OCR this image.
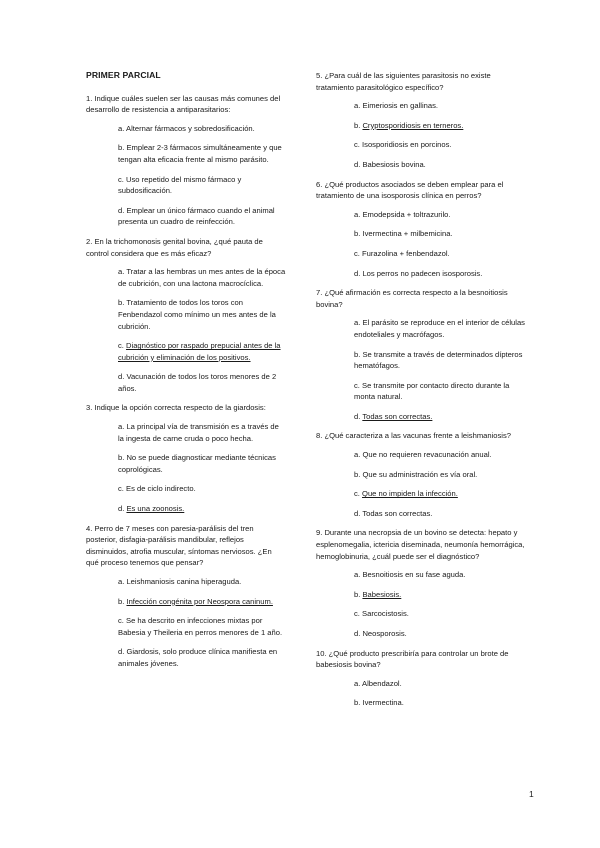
PRIMER PARCIAL
1. Indique cuáles suelen ser las causas más comunes del desarrollo de resistencia a antiparasitarios:
a. Alternar fármacos y sobredosificación.
b. Emplear 2-3 fármacos simultáneamente y que tengan alta eficacia frente al mismo parásito.
c. Uso repetido del mismo fármaco y subdosificación.
d. Emplear un único fármaco cuando el animal presenta un cuadro de reinfección.
2. En la trichomonosis genital bovina, ¿qué pauta de control considera que es más eficaz?
a. Tratar a las hembras un mes antes de la época de cubrición, con una lactona macrocíclica.
b. Tratamiento de todos los toros con Fenbendazol como mínimo un mes antes de la cubrición.
c. Diagnóstico por raspado prepucial antes de la cubrición y eliminación de los positivos.
d. Vacunación de todos los toros menores de 2 años.
3. Indique la opción correcta respecto de la giardosis:
a. La principal vía de transmisión es a través de la ingesta de carne cruda o poco hecha.
b. No se puede diagnosticar mediante técnicas coprológicas.
c. Es de ciclo indirecto.
d. Es una zoonosis.
4. Perro de 7 meses con paresia-parálisis del tren posterior, disfagia-parálisis mandibular, reflejos disminuidos, atrofia muscular, síntomas nerviosos. ¿En qué proceso tenemos que pensar?
a. Leishmaniosis canina hiperaguda.
b. Infección congénita por Neospora caninum.
c. Se ha descrito en infecciones mixtas por Babesia y Theileria en perros menores de 1 año.
d. Giardosis, solo produce clínica manifiesta en animales jóvenes.
5. ¿Para cuál de las siguientes parasitosis no existe tratamiento parasitológico específico?
a. Eimeriosis en gallinas.
b. Cryptosporidiosis en terneros.
c. Isosporidiosis en porcinos.
d. Babesiosis bovina.
6. ¿Qué productos asociados se deben emplear para el tratamiento de una isosporosis clínica en perros?
a. Emodepsida + toltrazurilo.
b. Ivermectina + milbemicina.
c. Furazolina + fenbendazol.
d. Los perros no padecen isosporosis.
7. ¿Qué afirmación es correcta respecto a la besnoitiosis bovina?
a. El parásito se reproduce en el interior de células endoteliales y macrófagos.
b. Se transmite a través de determinados dípteros hematófagos.
c. Se transmite por contacto directo durante la monta natural.
d. Todas son correctas.
8. ¿Qué caracteriza a las vacunas frente a leishmaniosis?
a. Que no requieren revacunación anual.
b. Que su administración es vía oral.
c. Que no impiden la infección.
d. Todas son correctas.
9. Durante una necropsia de un bovino se detecta: hepato y esplenomegalia, ictericia diseminada, neumonía hemorrágica, hemoglobinuria, ¿cuál puede ser el diagnóstico?
a. Besnoitiosis en su fase aguda.
b. Babesiosis.
c. Sarcocistosis.
d. Neosporosis.
10. ¿Qué producto prescribiría para controlar un brote de babesiosis bovina?
a. Albendazol.
b. Ivermectina.
1
